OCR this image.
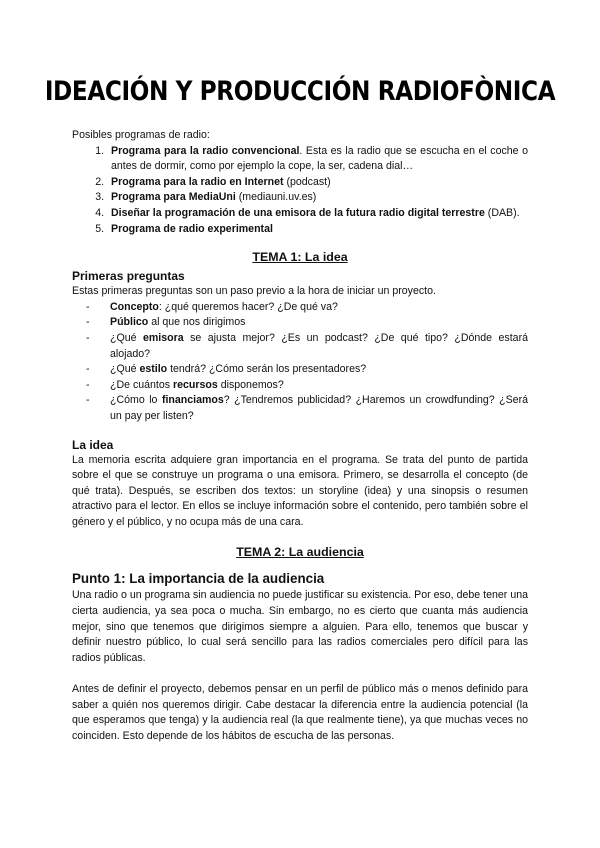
IDEACIÓN Y PRODUCCIÓN RADIOFÒNICA

Posibles programas de radio:

1. Programa para la radio convencional. Esta es la radio que se escucha en el coche o antes de dormir, como por ejemplo la cope, la ser, cadena dial…
2. Programa para la radio en Internet (podcast)
3. Programa para MediaUni (mediauni.uv.es)
4. Diseñar la programación de una emisora de la futura radio digital terrestre (DAB).
5. Programa de radio experimental
TEMA 1: La idea
Primeras preguntas

Estas primeras preguntas son un paso previo a la hora de iniciar un proyecto.

- Concepto: ¿qué queremos hacer? ¿De qué va?
- Público al que nos dirigimos
- ¿Qué emisora se ajusta mejor? ¿Es un podcast? ¿De qué tipo? ¿Dónde estará alojado?
- ¿Qué estilo tendrá? ¿Cómo serán los presentadores?
- ¿De cuántos recursos disponemos?
- ¿Cómo lo financiamos? ¿Tendremos publicidad? ¿Haremos un crowdfunding? ¿Será un pay per listen?
La idea

La memoria escrita adquiere gran importancia en el programa. Se trata del punto de partida sobre el que se construye un programa o una emisora. Primero, se desarrolla el concepto (de qué trata). Después, se escriben dos textos: un storyline (idea) y una sinopsis o resumen atractivo para el lector. En ellos se incluye información sobre el contenido, pero también sobre el género y el público, y no ocupa más de una cara.

TEMA 2: La audiencia
Punto 1: La importancia de la audiencia

Una radio o un programa sin audiencia no puede justificar su existencia. Por eso, debe tener una cierta audiencia, ya sea poca o mucha. Sin embargo, no es cierto que cuanta más audiencia mejor, sino que tenemos que dirigimos siempre a alguien. Para ello, tenemos que buscar y definir nuestro público, lo cual será sencillo para las radios comerciales pero difícil para las radios públicas.

Antes de definir el proyecto, debemos pensar en un perfil de público más o menos definido para saber a quién nos queremos dirigir. Cabe destacar la diferencia entre la audiencia potencial (la que esperamos que tenga) y la audiencia real (la que realmente tiene), ya que muchas veces no coinciden. Esto depende de los hábitos de escucha de las personas.
